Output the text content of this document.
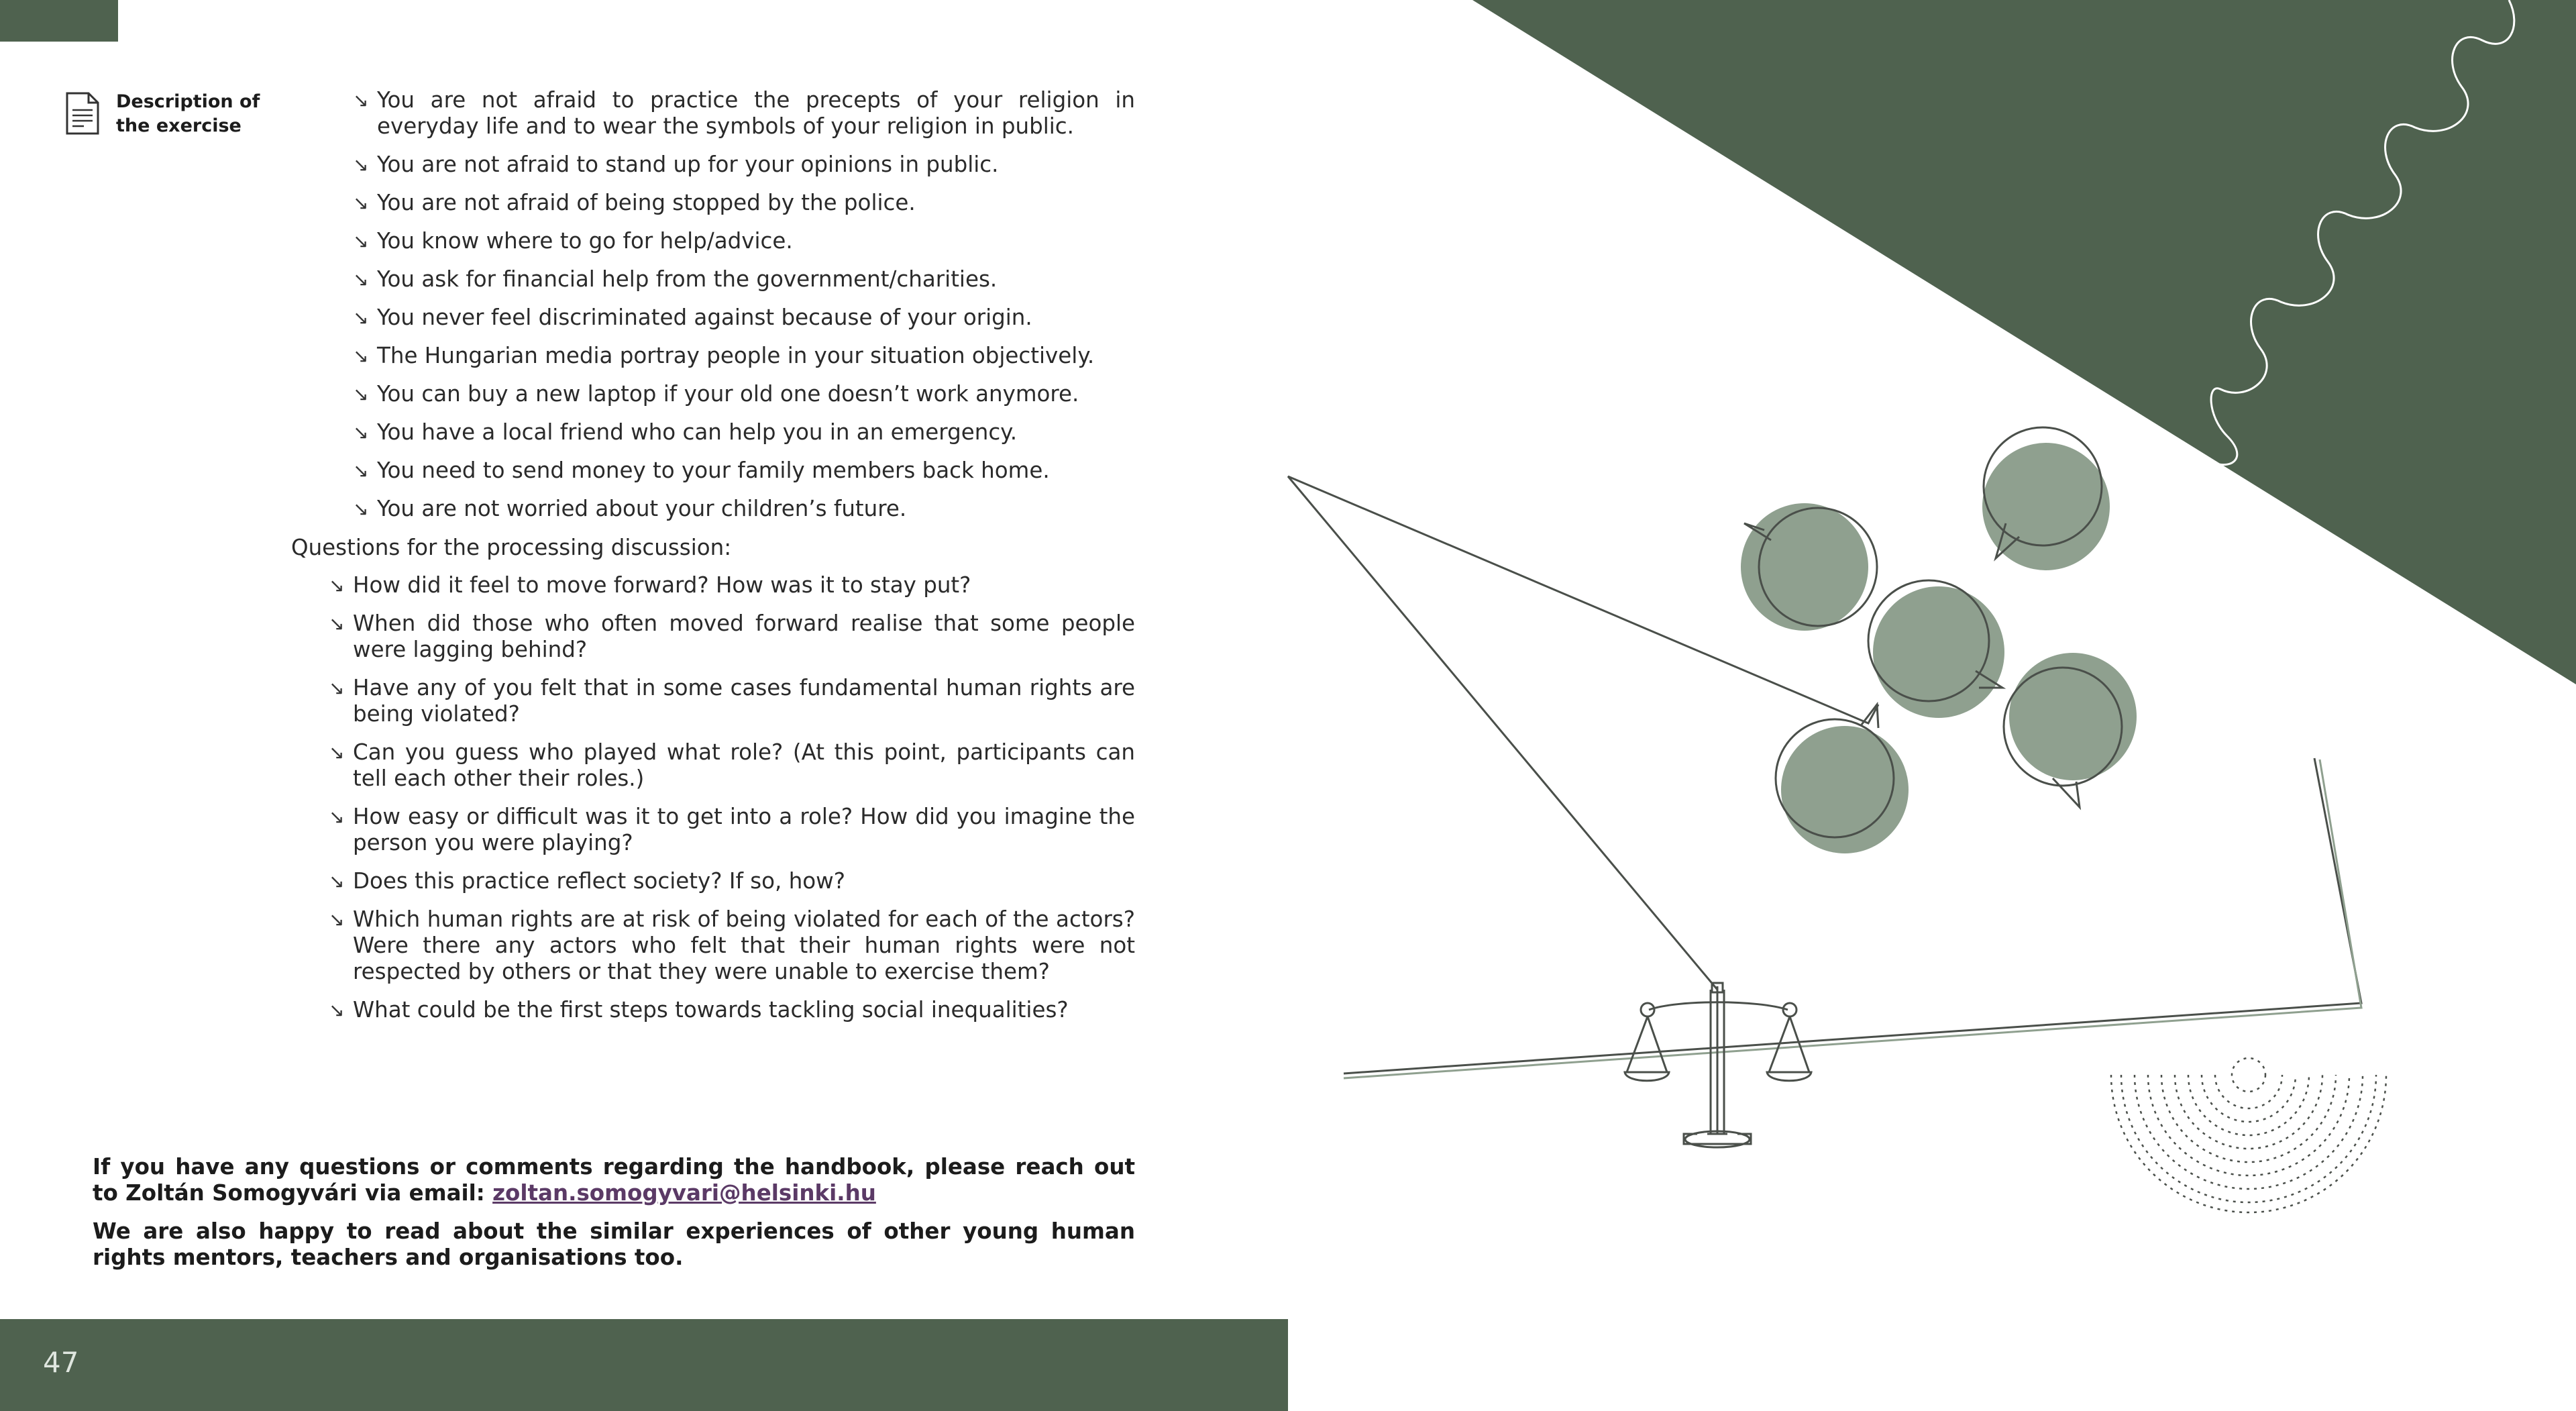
Description of the exercise
↘ You are not afraid to practice the precepts of your religion in everyday life and to wear the symbols of your religion in public.
↘ You are not afraid to stand up for your opinions in public.
↘ You are not afraid of being stopped by the police.
↘ You know where to go for help/advice.
↘ You ask for financial help from the government/charities.
↘ You never feel discriminated against because of your origin.
↘ The Hungarian media portray people in your situation objectively.
↘ You can buy a new laptop if your old one doesn’t work anymore.
↘ You have a local friend who can help you in an emergency.
↘ You need to send money to your family members back home.
↘ You are not worried about your children’s future.
Questions for the processing discussion:
↘ How did it feel to move forward? How was it to stay put?
↘ When did those who often moved forward realise that some people were lagging behind?
↘ Have any of you felt that in some cases fundamental human rights are being violated?
↘ Can you guess who played what role? (At this point, participants can tell each other their roles.)
↘ How easy or difficult was it to get into a role? How did you imagine the person you were playing?
↘ Does this practice reflect society? If so, how?
↘ Which human rights are at risk of being violated for each of the actors? Were there any actors who felt that their human rights were not respected by others or that they were unable to exercise them?
↘ What could be the first steps towards tackling social inequalities?

If you have any questions or comments regarding the handbook, please reach out to Zoltán Somogyvári via email: zoltan.somogyvari@helsinki.hu

We are also happy to read about the similar experiences of other young human rights mentors, teachers and organisations too.

47
